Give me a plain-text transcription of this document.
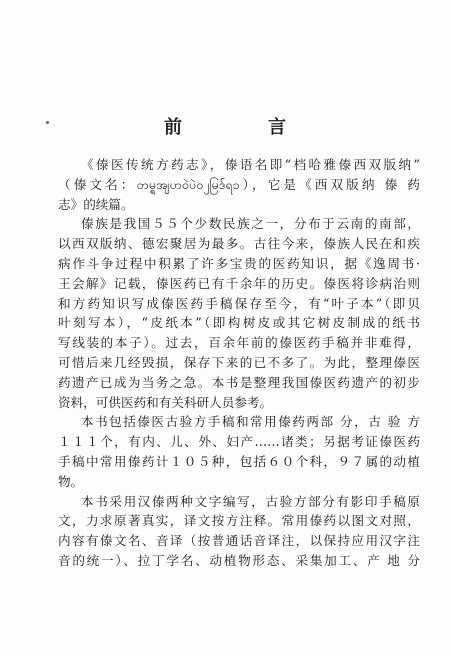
前　言
《傣医传统方药志》，傣语名即“档哈雅傣西双版纳”
（傣文名：တမ္ရအျပာဝဲပဲဝ၂မြဒ်ရ၁），它是《西双版纳 傣 药
志》的续篇。
傣族是我国５５个少数民族之一，分布于云南的南部，
以西双版纳、德宏聚居为最多。古往今来，傣族人民在和疾
病作斗争过程中积累了许多宝贵的医药知识，据《逸周书·
王会解》记载，傣医药已有千余年的历史。傣医将诊病治则
和方药知识写成傣医药手稿保存至今，有“叶子本”（即贝
叶刻写本），“皮纸本”（即构树皮或其它树皮制成的纸书
写线装的本子）。过去，百余年前的傣医药手稿并非难得，
可惜后来几经毁损，保存下来的已不多了。为此，整理傣医
药遗产已成为当务之急。本书是整理我国傣医药遗产的初步
资料，可供医药和有关科研人员参考。
本书包括傣医古验方手稿和常用傣药两部 分，古 验 方
１１１个，有内、儿、外、妇产……诸类；另据考证傣医药
手稿中常用傣药计１０５种，包括６０个科，９７属的动植
物。
本书采用汉傣两种文字编写，古验方部分有影印手稿原
文，力求原著真实，译文按方注释。常用傣药以图文对照，
内容有傣文名、音译（按普通话音译注，以保持应用汉字注
音的统一）、拉丁学名、动植物形态、采集加工、产 地 分
